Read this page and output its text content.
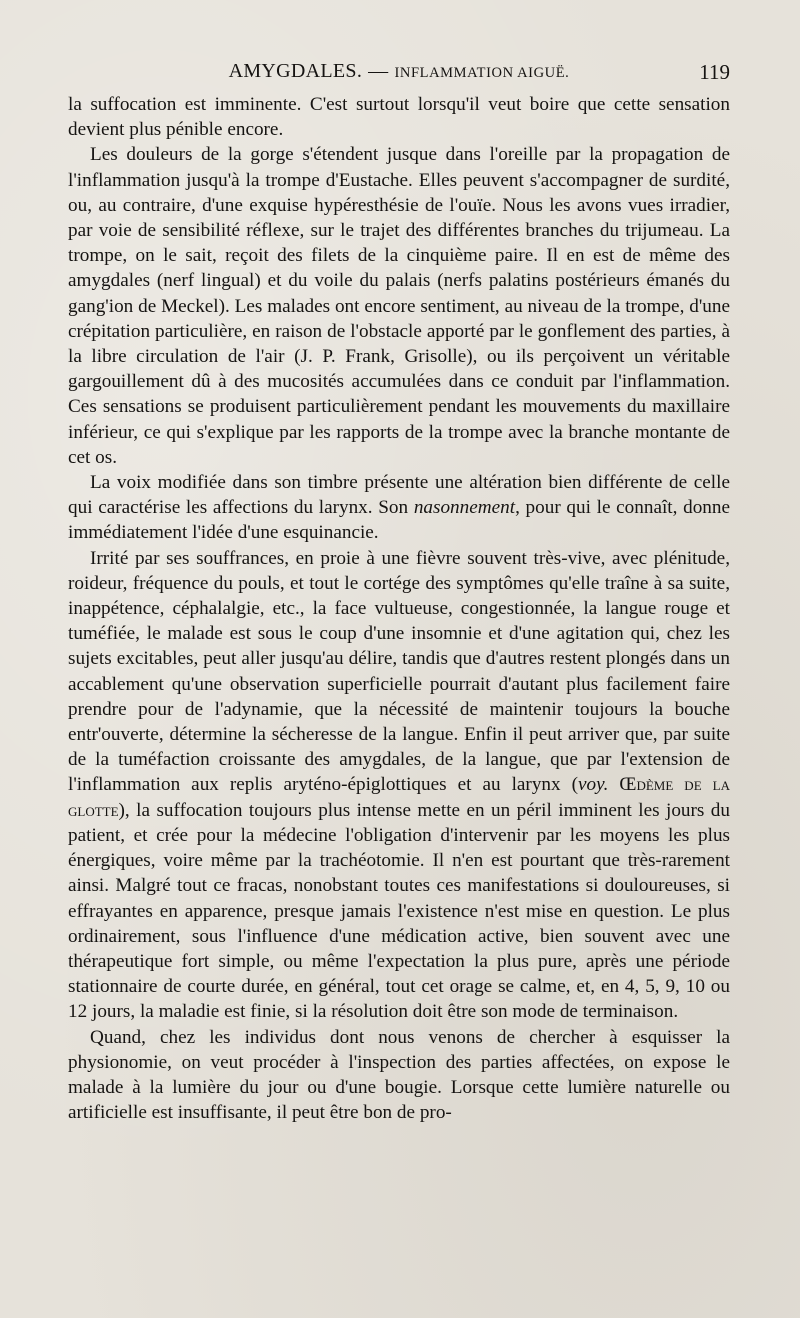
AMYGDALES. — INFLAMMATION AIGUË.	119

la suffocation est imminente. C'est surtout lorsqu'il veut boire que cette sensation devient plus pénible encore.

Les douleurs de la gorge s'étendent jusque dans l'oreille par la propagation de l'inflammation jusqu'à la trompe d'Eustache. Elles peuvent s'accompagner de surdité, ou, au contraire, d'une exquise hypéresthésie de l'ouïe. Nous les avons vues irradier, par voie de sensibilité réflexe, sur le trajet des différentes branches du trijumeau. La trompe, on le sait, reçoit des filets de la cinquième paire. Il en est de même des amygdales (nerf lingual) et du voile du palais (nerfs palatins postérieurs émanés du gang'ion de Meckel). Les malades ont encore sentiment, au niveau de la trompe, d'une crépitation particulière, en raison de l'obstacle apporté par le gonflement des parties, à la libre circulation de l'air (J. P. Frank, Grisolle), ou ils perçoivent un véritable gargouillement dû à des mucosités accumulées dans ce conduit par l'inflammation. Ces sensations se produisent particulièrement pendant les mouvements du maxillaire inférieur, ce qui s'explique par les rapports de la trompe avec la branche montante de cet os.

La voix modifiée dans son timbre présente une altération bien différente de celle qui caractérise les affections du larynx. Son nasonnement, pour qui le connaît, donne immédiatement l'idée d'une esquinancie.

Irrité par ses souffrances, en proie à une fièvre souvent très-vive, avec plénitude, roideur, fréquence du pouls, et tout le cortége des symptômes qu'elle traîne à sa suite, inappétence, céphalalgie, etc., la face vultueuse, congestionnée, la langue rouge et tuméfiée, le malade est sous le coup d'une insomnie et d'une agitation qui, chez les sujets excitables, peut aller jusqu'au délire, tandis que d'autres restent plongés dans un accablement qu'une observation superficielle pourrait d'autant plus facilement faire prendre pour de l'adynamie, que la nécessité de maintenir toujours la bouche entr'ouverte, détermine la sécheresse de la langue. Enfin il peut arriver que, par suite de la tuméfaction croissante des amygdales, de la langue, que par l'extension de l'inflammation aux replis aryténo-épiglottiques et au larynx (voy. Œdème de la glotte), la suffocation toujours plus intense mette en un péril imminent les jours du patient, et crée pour la médecine l'obligation d'intervenir par les moyens les plus énergiques, voire même par la trachéotomie. Il n'en est pourtant que très-rarement ainsi. Malgré tout ce fracas, nonobstant toutes ces manifestations si douloureuses, si effrayantes en apparence, presque jamais l'existence n'est mise en question. Le plus ordinairement, sous l'influence d'une médication active, bien souvent avec une thérapeutique fort simple, ou même l'expectation la plus pure, après une période stationnaire de courte durée, en général, tout cet orage se calme, et, en 4, 5, 9, 10 ou 12 jours, la maladie est finie, si la résolution doit être son mode de terminaison.

Quand, chez les individus dont nous venons de chercher à esquisser la physionomie, on veut procéder à l'inspection des parties affectées, on expose le malade à la lumière du jour ou d'une bougie. Lorsque cette lumière naturelle ou artificielle est insuffisante, il peut être bon de pro-
